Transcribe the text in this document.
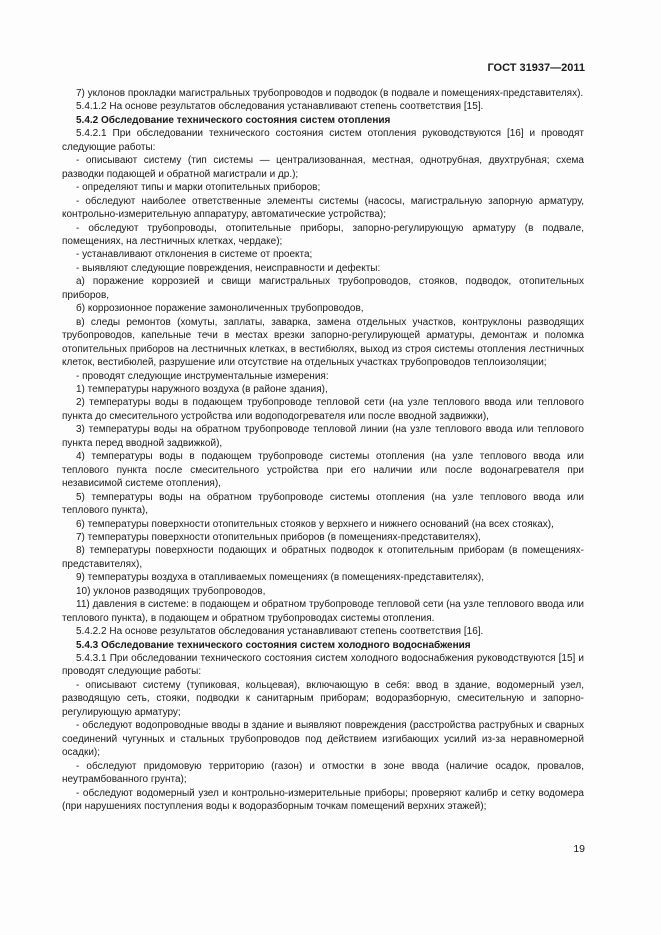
ГОСТ 31937—2011

7) уклонов прокладки магистральных трубопроводов и подводок (в подвале и помещениях-представителях).

5.4.1.2 На основе результатов обследования устанавливают степень соответствия [15].

5.4.2 Обследование технического состояния систем отопления

5.4.2.1 При обследовании технического состояния систем отопления руководствуются [16] и проводят следующие работы:

- описывают систему (тип системы — централизованная, местная, однотрубная, двухтрубная; схема разводки подающей и обратной магистрали и др.);

- определяют типы и марки отопительных приборов;

- обследуют наиболее ответственные элементы системы (насосы, магистральную запорную арматуру, контрольно-измерительную аппаратуру, автоматические устройства);

- обследуют трубопроводы, отопительные приборы, запорно-регулирующую арматуру (в подвале, помещениях, на лестничных клетках, чердаке);

- устанавливают отклонения в системе от проекта;

- выявляют следующие повреждения, неисправности и дефекты:

а) поражение коррозией и свищи магистральных трубопроводов, стояков, подводок, отопительных приборов,

б) коррозионное поражение замоноличенных трубопроводов,

в) следы ремонтов (хомуты, заплаты, заварка, замена отдельных участков, контруклоны разводящих трубопроводов, капельные течи в местах врезки запорно-регулирующей арматуры, демонтаж и поломка отопительных приборов на лестничных клетках, в вестибюлях, выход из строя системы отопления лестничных клеток, вестибюлей, разрушение или отсутствие на отдельных участках трубопроводов теплоизоляции;

- проводят следующие инструментальные измерения:

1) температуры наружного воздуха (в районе здания),

2) температуры воды в подающем трубопроводе тепловой сети (на узле теплового ввода или теплового пункта до смесительного устройства или водоподогревателя или после вводной задвижки),

3) температуры воды на обратном трубопроводе тепловой линии (на узле теплового ввода или теплового пункта перед вводной задвижкой),

4) температуры воды в подающем трубопроводе системы отопления (на узле теплового ввода или теплового пункта после смесительного устройства при его наличии или после водонагревателя при независимой системе отопления),

5) температуры воды на обратном трубопроводе системы отопления (на узле теплового ввода или теплового пункта),

6) температуры поверхности отопительных стояков у верхнего и нижнего оснований (на всех стояках),

7) температуры поверхности отопительных приборов (в помещениях-представителях),

8) температуры поверхности подающих и обратных подводок к отопительным приборам (в помещениях-представителях),

9) температуры воздуха в отапливаемых помещениях (в помещениях-представителях),

10) уклонов разводящих трубопроводов,

11) давления в системе: в подающем и обратном трубопроводе тепловой сети (на узле теплового ввода или теплового пункта), в подающем и обратном трубопроводах системы отопления.

5.4.2.2 На основе результатов обследования устанавливают степень соответствия [16].

5.4.3 Обследование технического состояния систем холодного водоснабжения

5.4.3.1 При обследовании технического состояния систем холодного водоснабжения руководствуются [15] и проводят следующие работы:

- описывают систему (тупиковая, кольцевая), включающую в себя: ввод в здание, водомерный узел, разводящую сеть, стояки, подводки к санитарным приборам; водоразборную, смесительную и запорно-регулирующую арматуру;

- обследуют водопроводные вводы в здание и выявляют повреждения (расстройства раструбных и сварных соединений чугунных и стальных трубопроводов под действием изгибающих усилий из-за неравномерной осадки);

- обследуют придомовую территорию (газон) и отмостки в зоне ввода (наличие осадок, провалов, неутрамбованного грунта);

- обследуют водомерный узел и контрольно-измерительные приборы; проверяют калибр и сетку водомера (при нарушениях поступления воды к водоразборным точкам помещений верхних этажей);

19
